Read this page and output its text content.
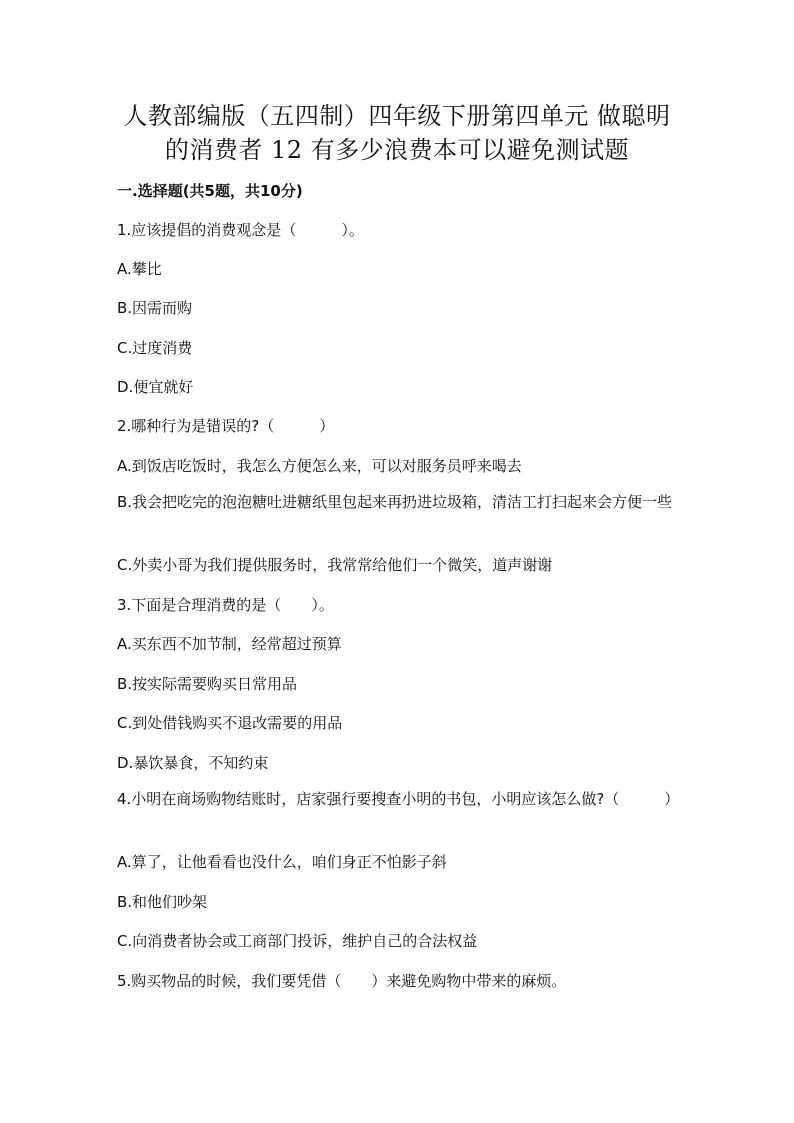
人教部编版（五四制）四年级下册第四单元 做聪明
的消费者 12 有多少浪费本可以避免测试题
一.选择题(共5题，共10分)
1.应该提倡的消费观念是（　　　）。
A.攀比
B.因需而购
C.过度消费
D.便宜就好
2.哪种行为是错误的?（　　　）
A.到饭店吃饭时，我怎么方便怎么来，可以对服务员呼来喝去
B.我会把吃完的泡泡糖吐进糖纸里包起来再扔进垃圾箱，清洁工打扫起来会方便一些
C.外卖小哥为我们提供服务时，我常常给他们一个微笑，道声谢谢
3.下面是合理消费的是（　　）。
A.买东西不加节制，经常超过预算
B.按实际需要购买日常用品
C.到处借钱购买不退改需要的用品
D.暴饮暴食，不知约束
4.小明在商场购物结账时，店家强行要搜查小明的书包，小明应该怎么做?（　　　）
A.算了，让他看看也没什么，咱们身正不怕影子斜
B.和他们吵架
C.向消费者协会或工商部门投诉，维护自己的合法权益
5.购买物品的时候，我们要凭借（　　）来避免购物中带来的麻烦。
